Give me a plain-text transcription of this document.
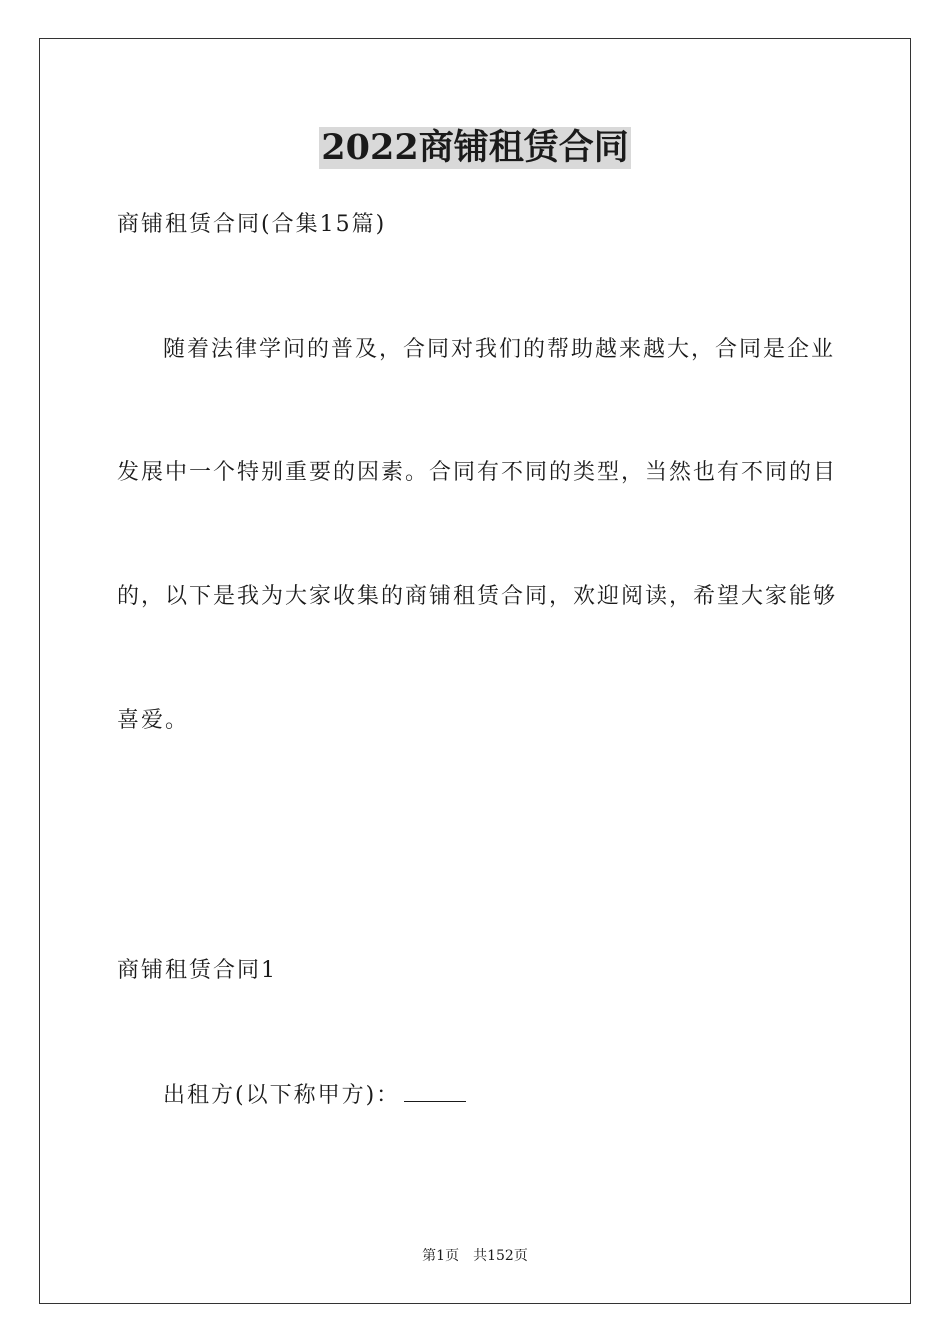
2022商铺租赁合同
商铺租赁合同(合集15篇)
随着法律学问的普及，合同对我们的帮助越来越大，合同是企业
发展中一个特别重要的因素。合同有不同的类型，当然也有不同的目
的，以下是我为大家收集的商铺租赁合同，欢迎阅读，希望大家能够
喜爱。
商铺租赁合同1
出租方(以下称甲方)：
第1页 共152页
